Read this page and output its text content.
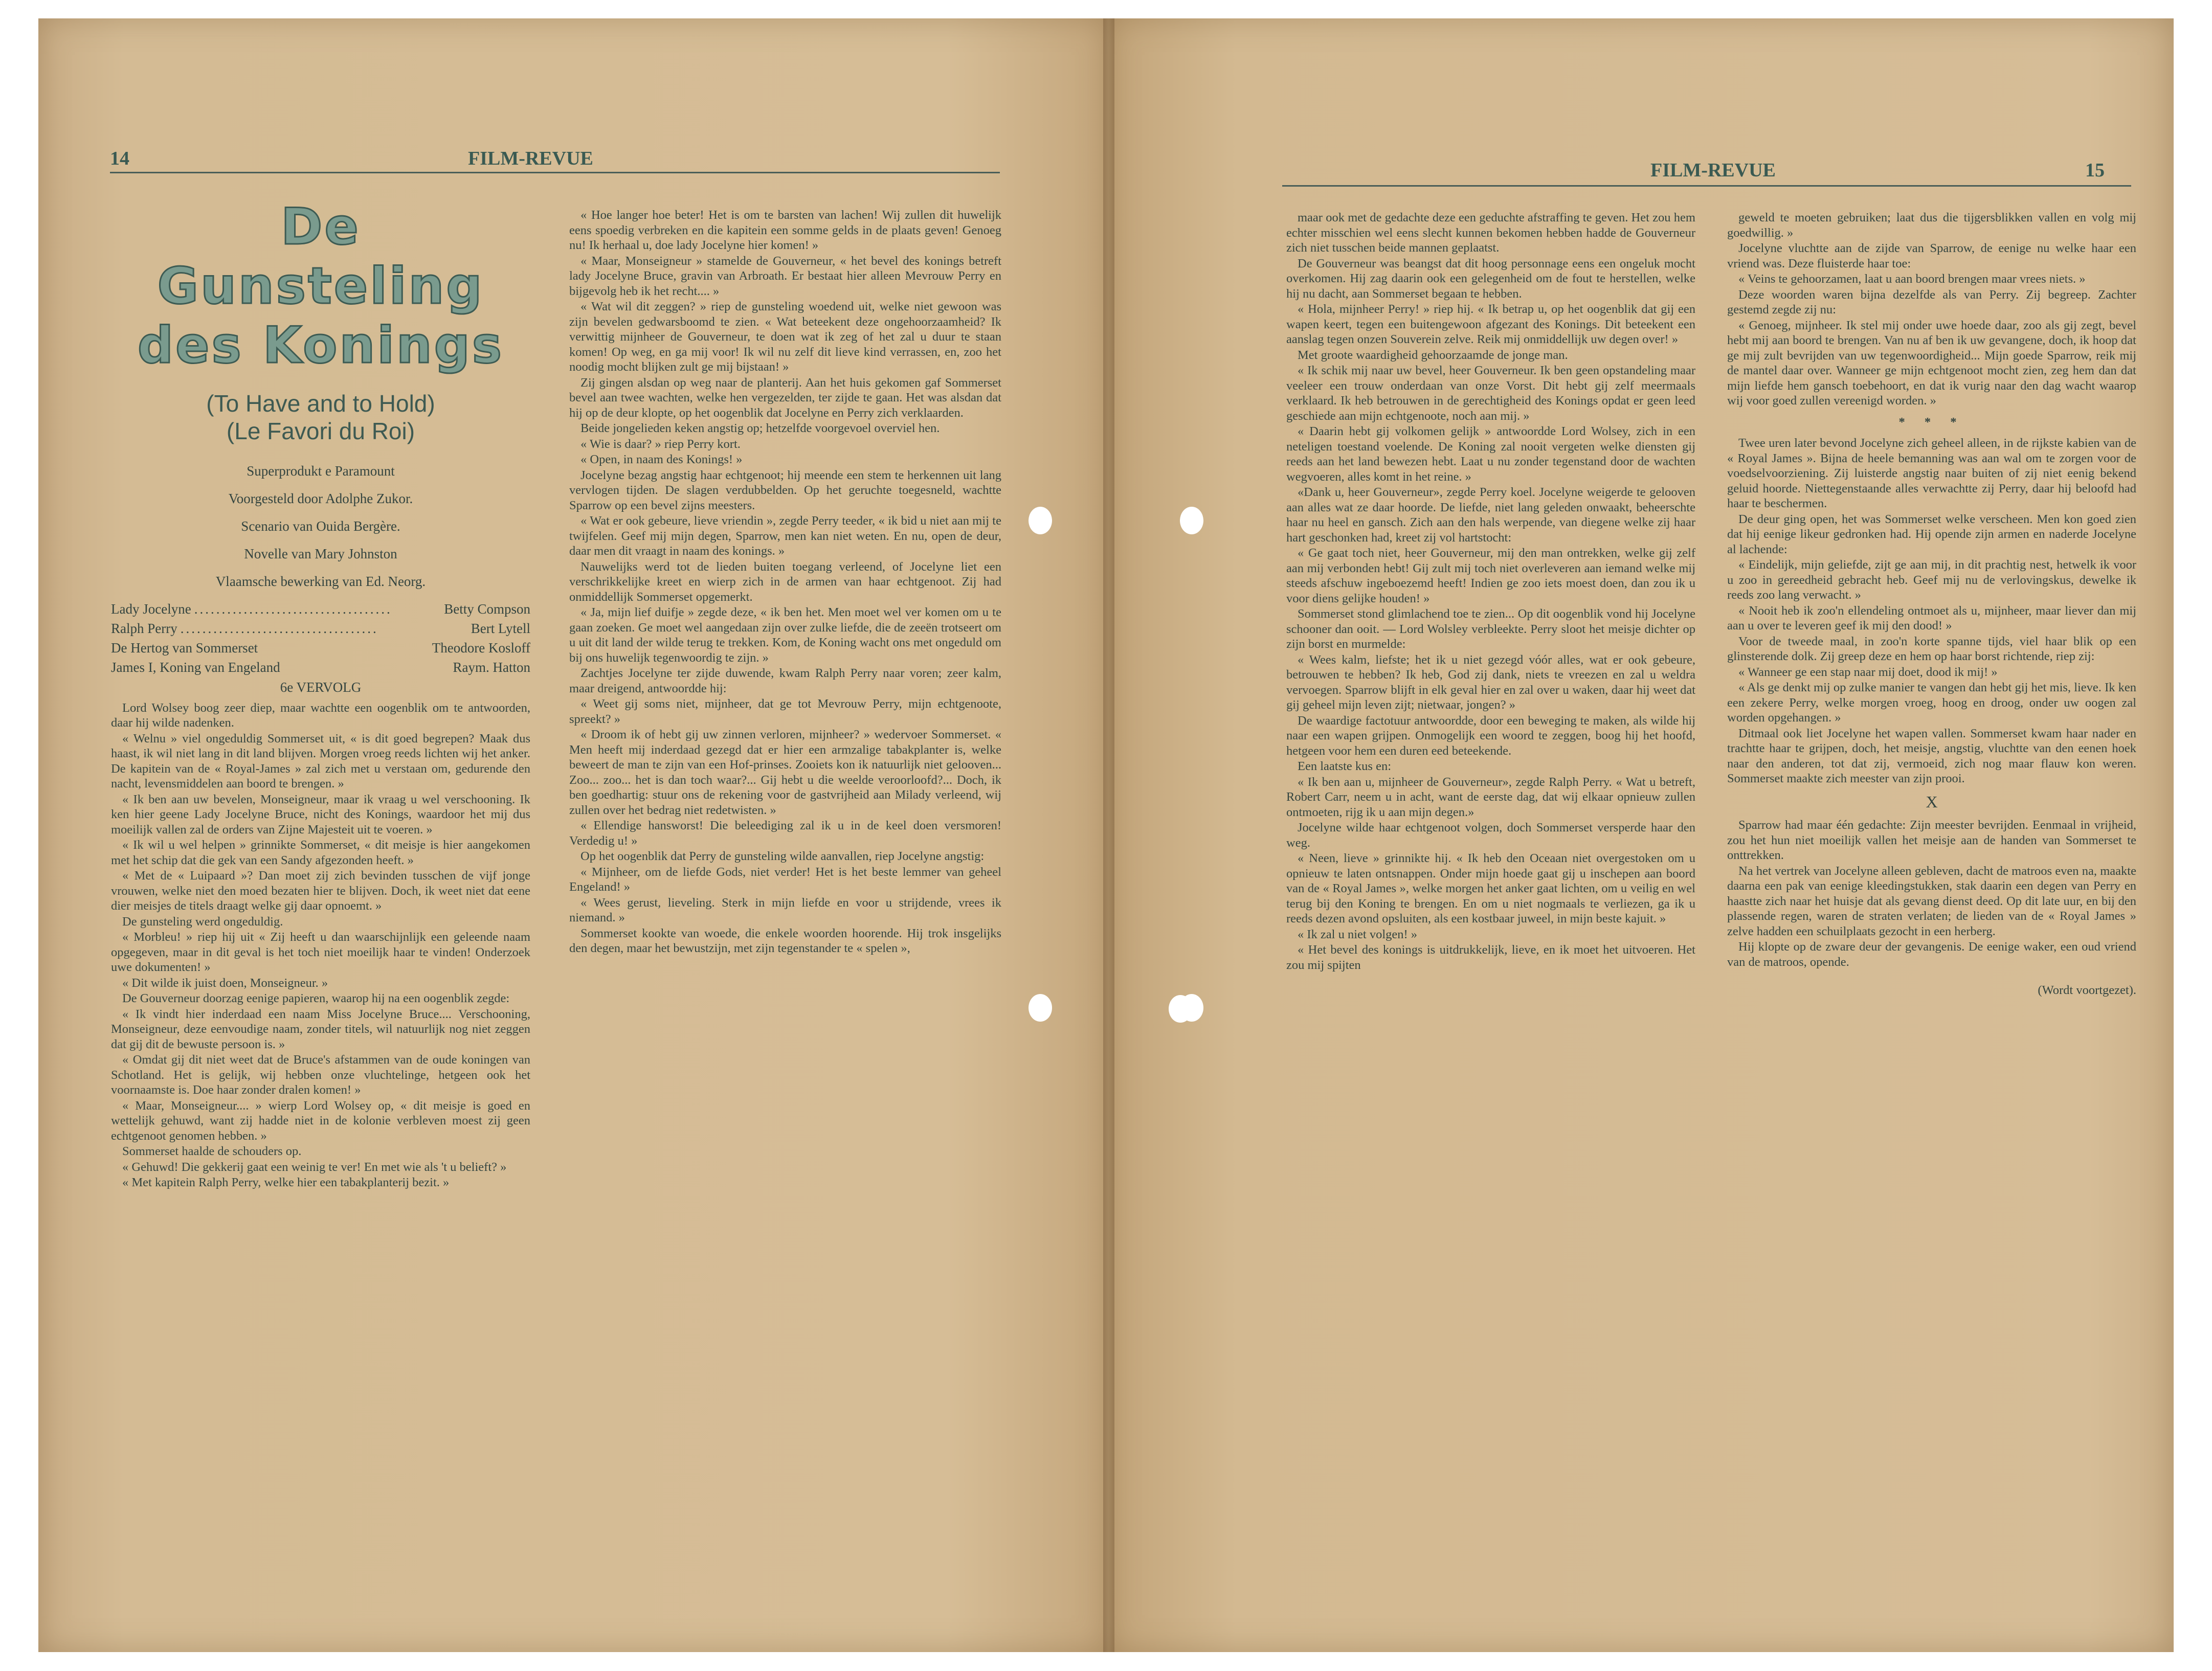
14	FILM-REVUE
De Gunsteling
des Konings
(To Have and to Hold)
(Le Favori du Roi)

Superprodukt e Paramount

Voorgesteld door Adolphe Zukor.

Scenario van Ouida Bergère.

Novelle van Mary Johnston

Vlaamsche bewerking van Ed. Neorg.

Lady Jocelyne ....................................	Betty Compson
Ralph Perry ....................................	Bert Lytell
De Hertog van Sommerset	Theodore Kosloff
James I, Koning van Engeland	Raym. Hatton

6e VERVOLG

Lord Wolsey boog zeer diep, maar wachtte een oogenblik om te antwoorden, daar hij wilde nadenken.

« Welnu » viel ongeduldig Sommerset uit, « is dit goed begrepen? Maak dus haast, ik wil niet lang in dit land blijven. Morgen vroeg reeds lichten wij het anker. De kapitein van de « Royal-James » zal zich met u verstaan om, gedurende den nacht, levensmiddelen aan boord te brengen. »

« Ik ben aan uw bevelen, Monseigneur, maar ik vraag u wel verschooning. Ik ken hier geene Lady Jocelyne Bruce, nicht des Konings, waardoor het mij dus moeilijk vallen zal de orders van Zijne Majesteit uit te voeren. »

« Ik wil u wel helpen » grinnikte Sommerset, « dit meisje is hier aangekomen met het schip dat die gek van een Sandy afgezonden heeft. »

« Met de « Luipaard »? Dan moet zij zich bevinden tusschen de vijf jonge vrouwen, welke niet den moed bezaten hier te blijven. Doch, ik weet niet dat eene dier meisjes de titels draagt welke gij daar opnoemt. »

De gunsteling werd ongeduldig.

« Morbleu! » riep hij uit « Zij heeft u dan waarschijnlijk een geleende naam opgegeven, maar in dit geval is het toch niet moeilijk haar te vinden! Onderzoek uwe dokumenten! »

« Dit wilde ik juist doen, Monseigneur. »

De Gouverneur doorzag eenige papieren, waarop hij na een oogenblik zegde:

« Ik vindt hier inderdaad een naam Miss Jocelyne Bruce.... Verschooning, Monseigneur, deze eenvoudige naam, zonder titels, wil natuurlijk nog niet zeggen dat gij dit de bewuste persoon is. »

« Omdat gij dit niet weet dat de Bruce's afstammen van de oude koningen van Schotland. Het is gelijk, wij hebben onze vluchtelinge, hetgeen ook het voornaamste is. Doe haar zonder dralen komen! »

« Maar, Monseigneur.... » wierp Lord Wolsey op, « dit meisje is goed en wettelijk gehuwd, want zij hadde niet in de kolonie verbleven moest zij geen echtgenoot genomen hebben. »

Sommerset haalde de schouders op.

« Gehuwd! Die gekkerij gaat een weinig te ver! En met wie als 't u belieft? »

« Met kapitein Ralph Perry, welke hier een tabakplanterij bezit. »

« Hoe langer hoe beter! Het is om te barsten van lachen! Wij zullen dit huwelijk eens spoedig verbreken en die kapitein een somme gelds in de plaats geven! Genoeg nu! Ik herhaal u, doe lady Jocelyne hier komen! »

« Maar, Monseigneur » stamelde de Gouverneur, « het bevel des konings betreft lady Jocelyne Bruce, gravin van Arbroath. Er bestaat hier alleen Mevrouw Perry en bijgevolg heb ik het recht.... »

« Wat wil dit zeggen? » riep de gunsteling woedend uit, welke niet gewoon was zijn bevelen gedwarsboomd te zien. « Wat beteekent deze ongehoorzaamheid? Ik verwittig mijnheer de Gouverneur, te doen wat ik zeg of het zal u duur te staan komen! Op weg, en ga mij voor! Ik wil nu zelf dit lieve kind verrassen, en, zoo het noodig mocht blijken zult ge mij bijstaan! »

Zij gingen alsdan op weg naar de planterij. Aan het huis gekomen gaf Sommerset bevel aan twee wachten, welke hen vergezelden, ter zijde te gaan. Het was alsdan dat hij op de deur klopte, op het oogenblik dat Jocelyne en Perry zich verklaarden.

Beide jongelieden keken angstig op; hetzelfde voorgevoel overviel hen.

« Wie is daar? » riep Perry kort.

« Open, in naam des Konings! »

Jocelyne bezag angstig haar echtgenoot; hij meende een stem te herkennen uit lang vervlogen tijden. De slagen verdubbelden. Op het geruchte toegesneld, wachtte Sparrow op een bevel zijns meesters.

« Wat er ook gebeure, lieve vriendin », zegde Perry teeder, « ik bid u niet aan mij te twijfelen. Geef mij mijn degen, Sparrow, men kan niet weten. En nu, open de deur, daar men dit vraagt in naam des konings. »

Nauwelijks werd tot de lieden buiten toegang verleend, of Jocelyne liet een verschrikkelijke kreet en wierp zich in de armen van haar echtgenoot. Zij had onmiddellijk Sommerset opgemerkt.

« Ja, mijn lief duifje » zegde deze, « ik ben het. Men moet wel ver komen om u te gaan zoeken. Ge moet wel aangedaan zijn over zulke liefde, die de zeeën trotseert om u uit dit land der wilde terug te trekken. Kom, de Koning wacht ons met ongeduld om bij ons huwelijk tegenwoordig te zijn. »

Zachtjes Jocelyne ter zijde duwende, kwam Ralph Perry naar voren; zeer kalm, maar dreigend, antwoordde hij:

« Weet gij soms niet, mijnheer, dat ge tot Mevrouw Perry, mijn echtgenoote, spreekt? »

« Droom ik of hebt gij uw zinnen verloren, mijnheer? » wedervoer Sommerset. « Men heeft mij inderdaad gezegd dat er hier een armzalige tabakplanter is, welke beweert de man te zijn van een Hof-prinses. Zooiets kon ik natuurlijk niet gelooven... Zoo... zoo... het is dan toch waar?... Gij hebt u die weelde veroorloofd?... Doch, ik ben goedhartig: stuur ons de rekening voor de gastvrijheid aan Milady verleend, wij zullen over het bedrag niet redetwisten. »

« Ellendige hansworst! Die beleediging zal ik u in de keel doen versmoren! Verdedig u! »

Op het oogenblik dat Perry de gunsteling wilde aanvallen, riep Jocelyne angstig:

« Mijnheer, om de liefde Gods, niet verder! Het is het beste lemmer van geheel Engeland! »

« Wees gerust, lieveling. Sterk in mijn liefde en voor u strijdende, vrees ik niemand. »

Sommerset kookte van woede, die enkele woorden hoorende. Hij trok insgelijks den degen, maar het bewustzijn, met zijn tegenstander te « spelen »,

FILM-REVUE	15

maar ook met de gedachte deze een geduchte afstraffing te geven. Het zou hem echter misschien wel eens slecht kunnen bekomen hebben hadde de Gouverneur zich niet tusschen beide mannen geplaatst.

De Gouverneur was beangst dat dit hoog personnage eens een ongeluk mocht overkomen. Hij zag daarin ook een gelegenheid om de fout te herstellen, welke hij nu dacht, aan Sommerset begaan te hebben.

« Hola, mijnheer Perry! » riep hij. « Ik betrap u, op het oogenblik dat gij een wapen keert, tegen een buitengewoon afgezant des Konings. Dit beteekent een aanslag tegen onzen Souverein zelve. Reik mij onmiddellijk uw degen over! »

Met groote waardigheid gehoorzaamde de jonge man.

« Ik schik mij naar uw bevel, heer Gouverneur. Ik ben geen opstandeling maar veeleer een trouw onderdaan van onze Vorst. Dit hebt gij zelf meermaals verklaard. Ik heb betrouwen in de gerechtigheid des Konings opdat er geen leed geschiede aan mijn echtgenoote, noch aan mij. »

« Daarin hebt gij volkomen gelijk » antwoordde Lord Wolsey, zich in een neteligen toestand voelende. De Koning zal nooit vergeten welke diensten gij reeds aan het land bewezen hebt. Laat u nu zonder tegenstand door de wachten wegvoeren, alles komt in het reine. »

«Dank u, heer Gouverneur», zegde Perry koel. Jocelyne weigerde te gelooven aan alles wat ze daar hoorde. De liefde, niet lang geleden onwaakt, beheerschte haar nu heel en gansch. Zich aan den hals werpende, van diegene welke zij haar hart geschonken had, kreet zij vol hartstocht:

« Ge gaat toch niet, heer Gouverneur, mij den man ontrekken, welke gij zelf aan mij verbonden hebt! Gij zult mij toch niet overleveren aan iemand welke mij steeds afschuw ingeboezemd heeft! Indien ge zoo iets moest doen, dan zou ik u voor diens gelijke houden! »

Sommerset stond glimlachend toe te zien... Op dit oogenblik vond hij Jocelyne schooner dan ooit. — Lord Wolsley verbleekte. Perry sloot het meisje dichter op zijn borst en murmelde:

« Wees kalm, liefste; het ik u niet gezegd vóór alles, wat er ook gebeure, betrouwen te hebben? Ik heb, God zij dank, niets te vreezen en zal u weldra vervoegen. Sparrow blijft in elk geval hier en zal over u waken, daar hij weet dat gij geheel mijn leven zijt; nietwaar, jongen? »

De waardige factotuur antwoordde, door een beweging te maken, als wilde hij naar een wapen grijpen. Onmogelijk een woord te zeggen, boog hij het hoofd, hetgeen voor hem een duren eed beteekende.

Een laatste kus en:

« Ik ben aan u, mijnheer de Gouverneur», zegde Ralph Perry. « Wat u betreft, Robert Carr, neem u in acht, want de eerste dag, dat wij elkaar opnieuw zullen ontmoeten, rijg ik u aan mijn degen.»

Jocelyne wilde haar echtgenoot volgen, doch Sommerset versperde haar den weg.

« Neen, lieve » grinnikte hij. « Ik heb den Oceaan niet overgestoken om u opnieuw te laten ontsnappen. Onder mijn hoede gaat gij u inschepen aan boord van de « Royal James », welke morgen het anker gaat lichten, om u veilig en wel terug bij den Koning te brengen. En om u niet nogmaals te verliezen, ga ik u reeds dezen avond opsluiten, als een kostbaar juweel, in mijn beste kajuit. »

« Ik zal u niet volgen! »

« Het bevel des konings is uitdrukkelijk, lieve, en ik moet het uitvoeren. Het zou mij spijten

geweld te moeten gebruiken; laat dus die tijgersblikken vallen en volg mij goedwillig. »

Jocelyne vluchtte aan de zijde van Sparrow, de eenige nu welke haar een vriend was. Deze fluisterde haar toe:

« Veins te gehoorzamen, laat u aan boord brengen maar vrees niets. »

Deze woorden waren bijna dezelfde als van Perry. Zij begreep. Zachter gestemd zegde zij nu:

« Genoeg, mijnheer. Ik stel mij onder uwe hoede daar, zoo als gij zegt, bevel hebt mij aan boord te brengen. Van nu af ben ik uw gevangene, doch, ik hoop dat ge mij zult bevrijden van uw tegenwoordigheid... Mijn goede Sparrow, reik mij de mantel daar over. Wanneer ge mijn echtgenoot mocht zien, zeg hem dan dat mijn liefde hem gansch toebehoort, en dat ik vurig naar den dag wacht waarop wij voor goed zullen vereenigd worden. »

* * *

Twee uren later bevond Jocelyne zich geheel alleen, in de rijkste kabien van de « Royal James ». Bijna de heele bemanning was aan wal om te zorgen voor de voedselvoorziening. Zij luisterde angstig naar buiten of zij niet eenig bekend geluid hoorde. Niettegenstaande alles verwachtte zij Perry, daar hij beloofd had haar te beschermen.

De deur ging open, het was Sommerset welke verscheen. Men kon goed zien dat hij eenige likeur gedronken had. Hij opende zijn armen en naderde Jocelyne al lachende:

« Eindelijk, mijn geliefde, zijt ge aan mij, in dit prachtig nest, hetwelk ik voor u zoo in gereedheid gebracht heb. Geef mij nu de verlovingskus, dewelke ik reeds zoo lang verwacht. »

« Nooit heb ik zoo'n ellendeling ontmoet als u, mijnheer, maar liever dan mij aan u over te leveren geef ik mij den dood! »

Voor de tweede maal, in zoo'n korte spanne tijds, viel haar blik op een glinsterende dolk. Zij greep deze en hem op haar borst richtende, riep zij:

« Wanneer ge een stap naar mij doet, dood ik mij! »

« Als ge denkt mij op zulke manier te vangen dan hebt gij het mis, lieve. Ik ken een zekere Perry, welke morgen vroeg, hoog en droog, onder uw oogen zal worden opgehangen. »

Ditmaal ook liet Jocelyne het wapen vallen. Sommerset kwam haar nader en trachtte haar te grijpen, doch, het meisje, angstig, vluchtte van den eenen hoek naar den anderen, tot dat zij, vermoeid, zich nog maar flauw kon weren. Sommerset maakte zich meester van zijn prooi.

X

Sparrow had maar één gedachte: Zijn meester bevrijden. Eenmaal in vrijheid, zou het hun niet moeilijk vallen het meisje aan de handen van Sommerset te onttrekken.

Na het vertrek van Jocelyne alleen gebleven, dacht de matroos even na, maakte daarna een pak van eenige kleedingstukken, stak daarin een degen van Perry en haastte zich naar het huisje dat als gevang dienst deed. Op dit late uur, en bij den plassende regen, waren de straten verlaten; de lieden van de « Royal James » zelve hadden een schuilplaats gezocht in een herberg.

Hij klopte op de zware deur der gevangenis. De eenige waker, een oud vriend van de matroos, opende.

(Wordt voortgezet).
